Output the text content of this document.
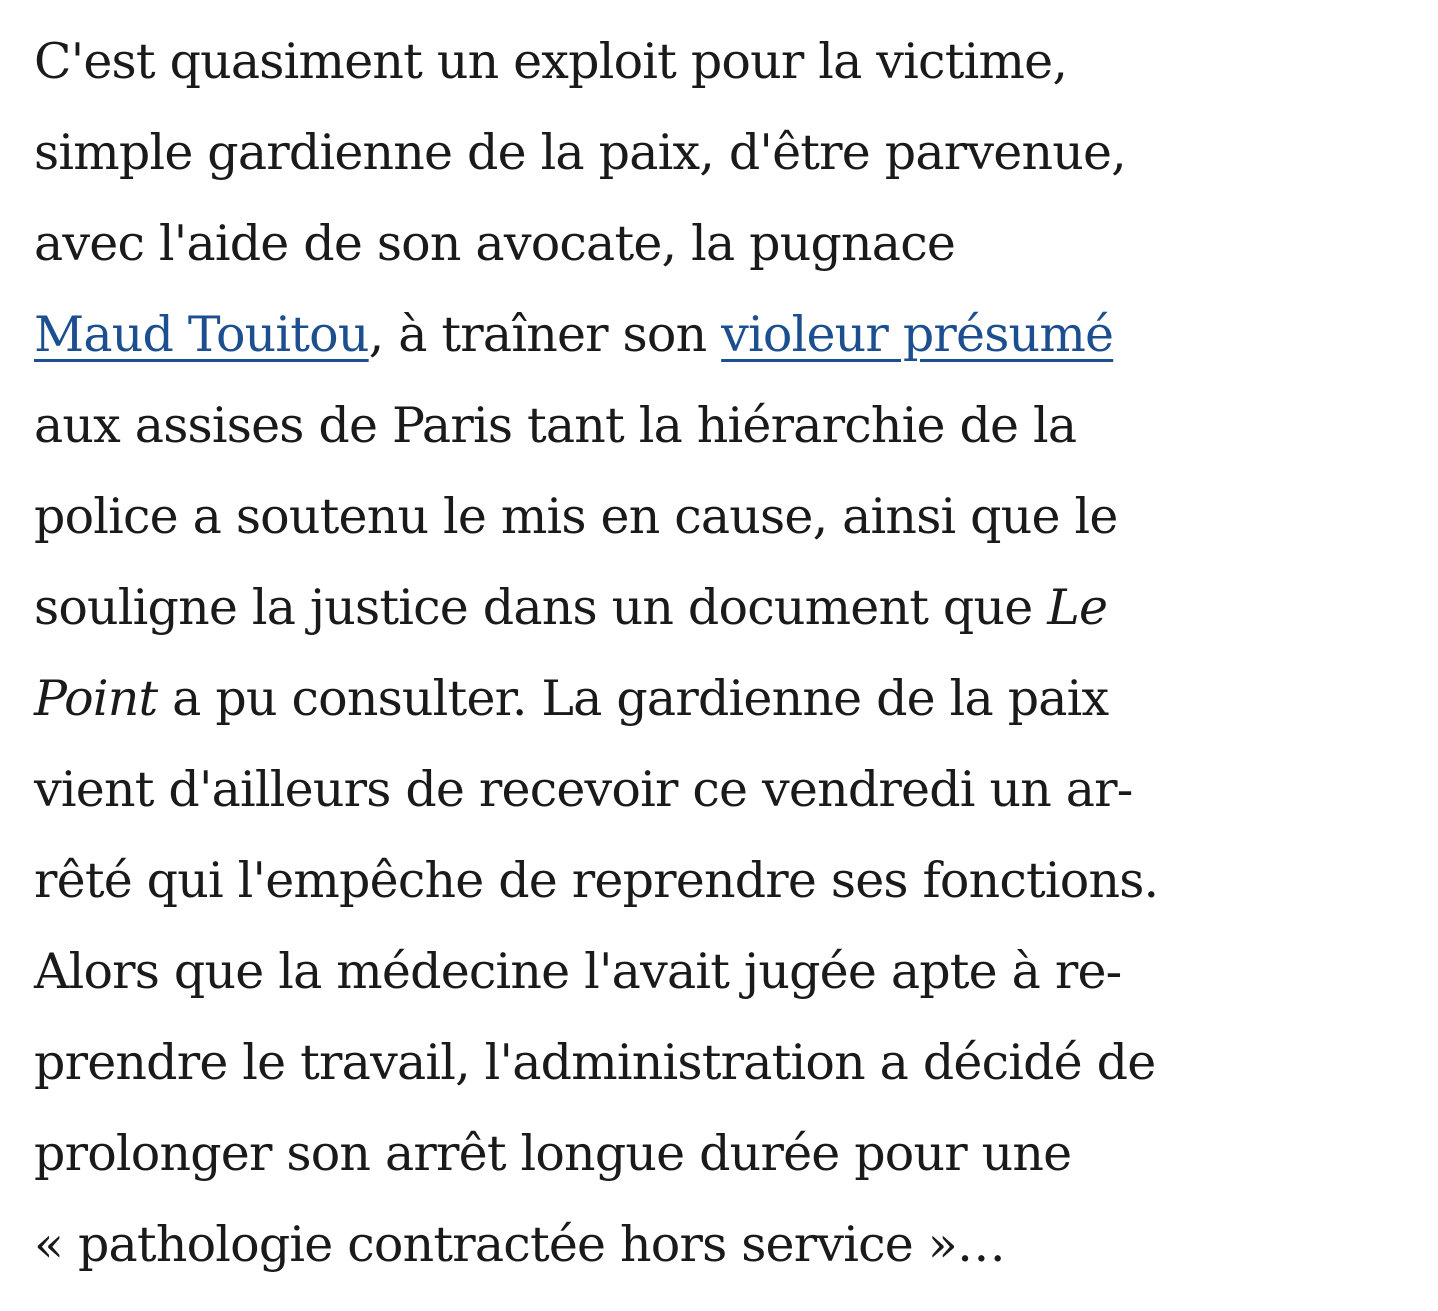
C'est quasiment un exploit pour la victime,
simple gardienne de la paix, d'être parvenue,
avec l'aide de son avocate, la pugnace
Maud Touitou, à traîner son violeur présumé
aux assises de Paris tant la hiérarchie de la
police a soutenu le mis en cause, ainsi que le
souligne la justice dans un document que Le
Point a pu consulter. La gardienne de la paix
vient d'ailleurs de recevoir ce vendredi un ar-
rêté qui l'empêche de reprendre ses fonctions.
Alors que la médecine l'avait jugée apte à re-
prendre le travail, l'administration a décidé de
prolonger son arrêt longue durée pour une
« pathologie contractée hors service »…
